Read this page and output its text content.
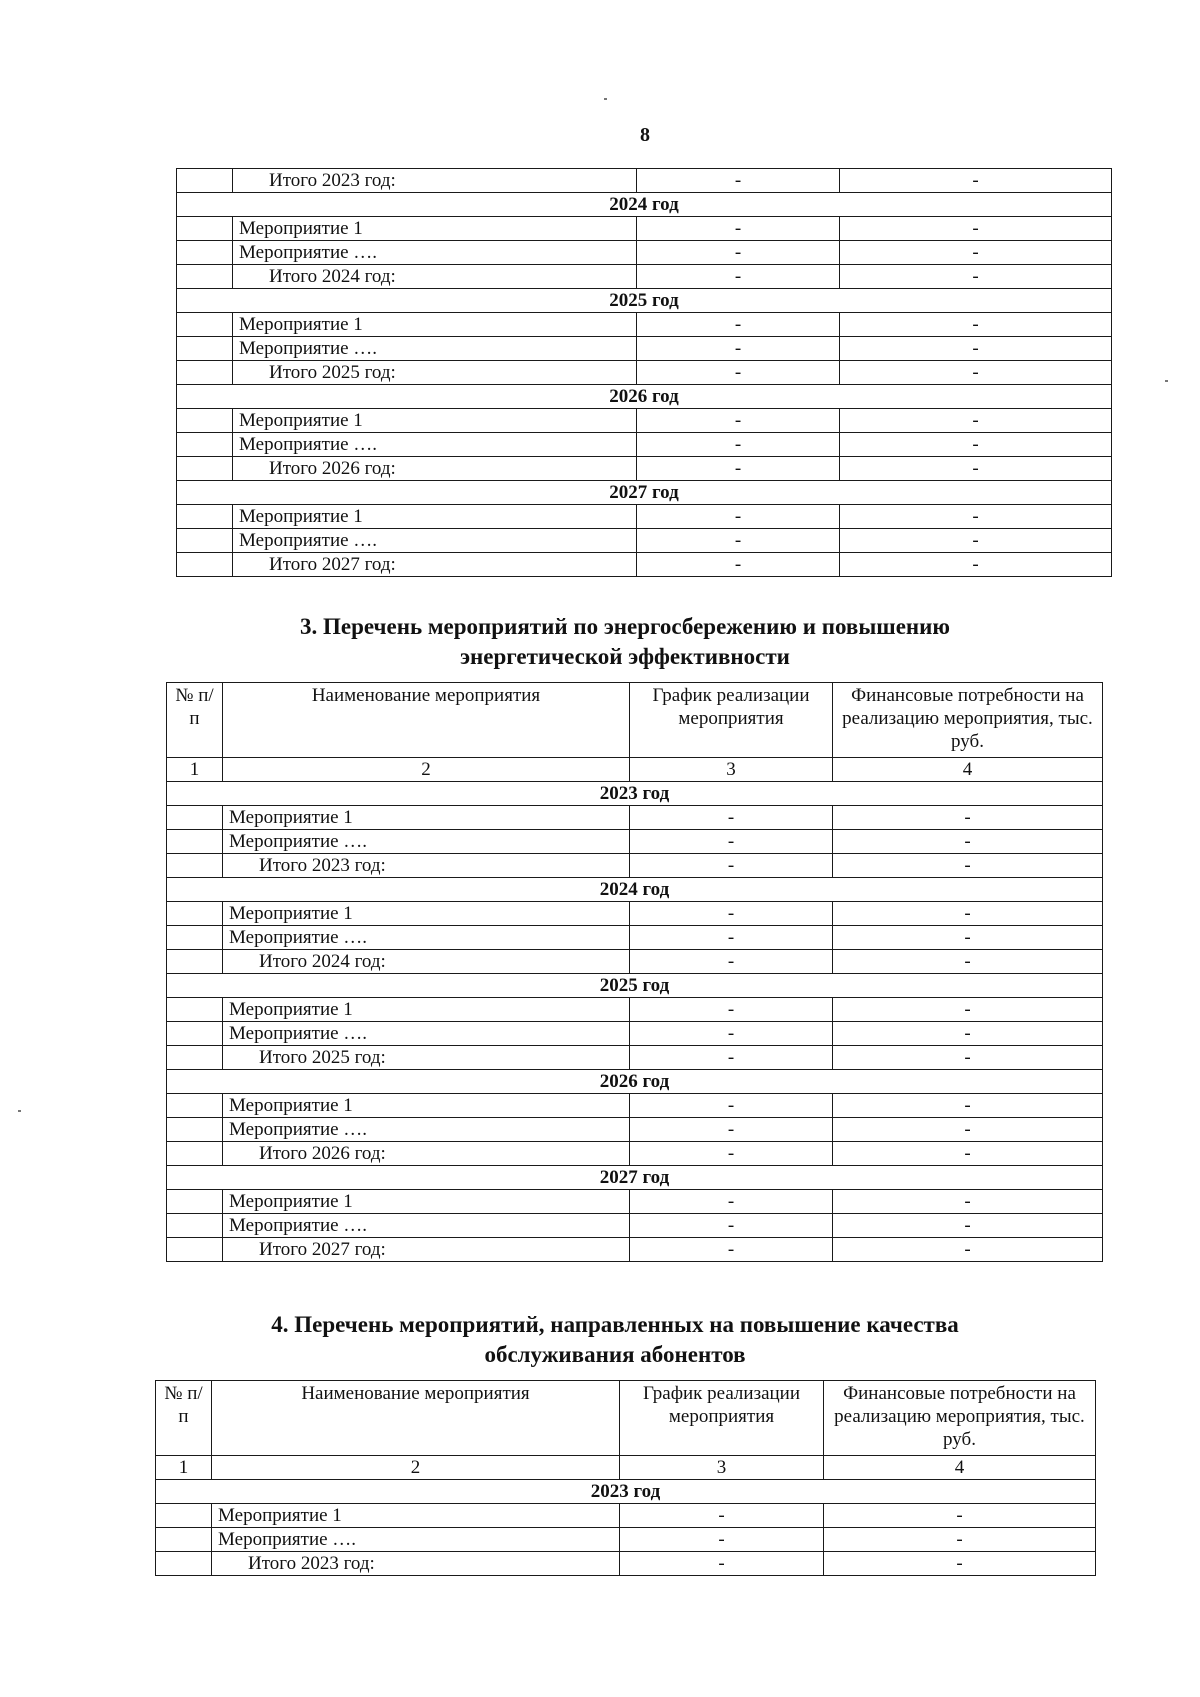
8
	Итого 2023 год:	-	-
2024 год			
	Мероприятие 1	-	-
	Мероприятие ….	-	-
	Итого 2024 год:	-	-
2025 год			
	Мероприятие 1	-	-
	Мероприятие ….	-	-
	Итого 2025 год:	-	-
2026 год			
	Мероприятие 1	-	-
	Мероприятие ….	-	-
	Итого 2026 год:	-	-
2027 год			
	Мероприятие 1	-	-
	Мероприятие ….	-	-
	Итого 2027 год:	-	-
3. Перечень мероприятий по энергосбережению и повышению
энергетической эффективности
№ п/п	Наименование мероприятия	График реализации мероприятия	Финансовые потребности на реализацию мероприятия, тыс. руб.
1	2	3	4
2023 год			
	Мероприятие 1	-	-
	Мероприятие ….	-	-
	Итого 2023 год:	-	-
2024 год			
	Мероприятие 1	-	-
	Мероприятие ….	-	-
	Итого 2024 год:	-	-
2025 год			
	Мероприятие 1	-	-
	Мероприятие ….	-	-
	Итого 2025 год:	-	-
2026 год			
	Мероприятие 1	-	-
	Мероприятие ….	-	-
	Итого 2026 год:	-	-
2027 год			
	Мероприятие 1	-	-
	Мероприятие ….	-	-
	Итого 2027 год:	-	-
4. Перечень мероприятий, направленных на повышение качества
обслуживания абонентов
№ п/п	Наименование мероприятия	График реализации мероприятия	Финансовые потребности на реализацию мероприятия, тыс. руб.
1	2	3	4
2023 год			
	Мероприятие 1	-	-
	Мероприятие ….	-	-
	Итого 2023 год:	-	-
